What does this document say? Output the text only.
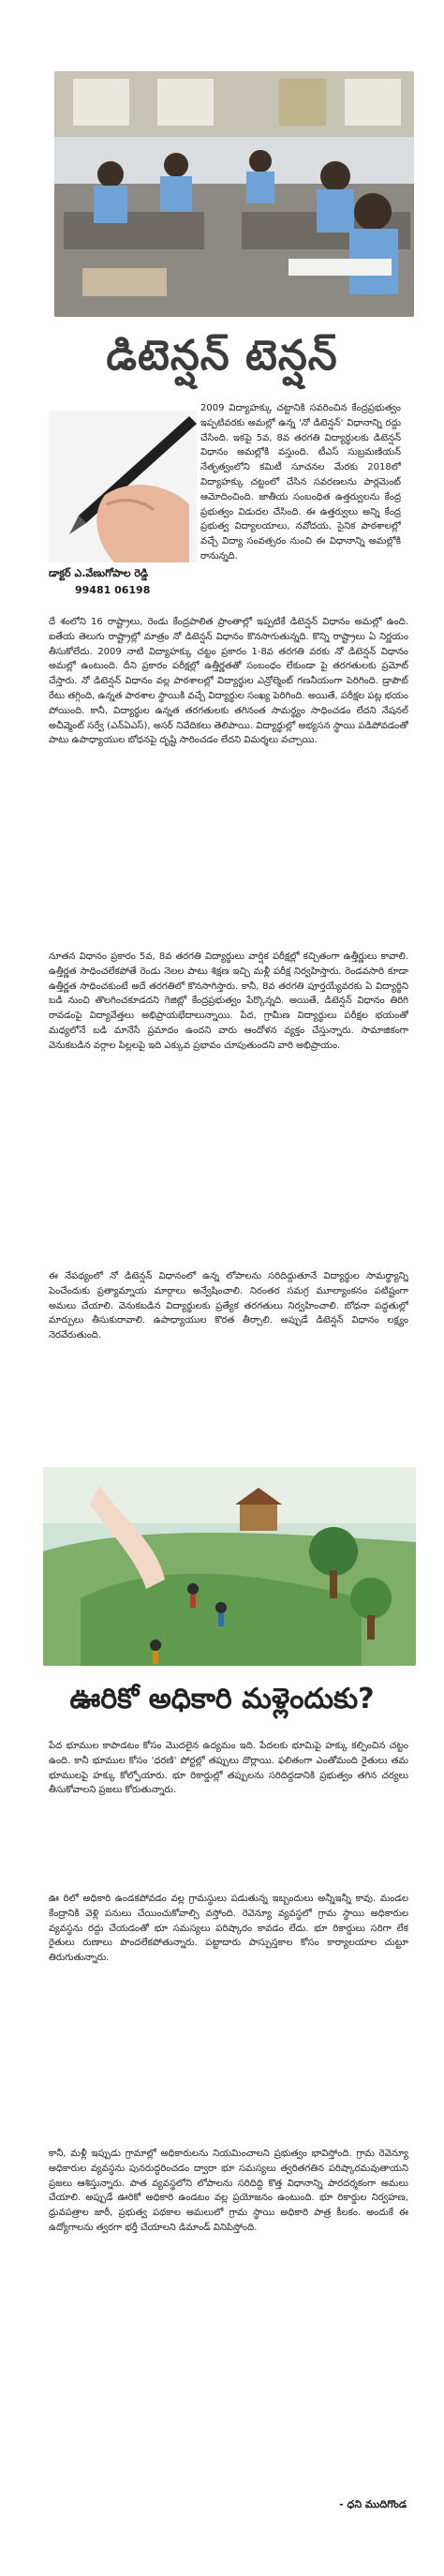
డిటెన్షన్ టెన్షన్
2009 విద్యాహక్కు చట్టానికి సవరించిన కేంద్రప్రభుత్వం ఇప్పటివరకు అమల్లో ఉన్న 'నో డిటెన్షన్' విధానాన్ని రద్దు చేసింది. ఇకపై 5వ, 8వ తరగతి విద్యార్థులకు డిటెన్షన్ విధానం అమల్లోకి వస్తుంది. టీఎస్ సుబ్రమణియన్ నేతృత్వంలోని కమిటీ సూచనల మేరకు 2018లో విద్యాహక్కు చట్టంలో చేసిన సవరణలను పార్లమెంట్ ఆమోదించింది. జాతీయ సంబంధిత ఉత్తర్వులను కేంద్ర ప్రభుత్వం విడుదల చేసింది. ఈ ఉత్తర్వులు అన్ని కేంద్ర ప్రభుత్వ విద్యాలయాలు, నవోదయ, సైనిక పాఠశాలల్లో వచ్చే విద్యా సంవత్సరం నుంచి ఈ విధానాన్ని అమల్లోకి రానున్నది.
డాక్టర్ ఎ.వేణుగోపాల రెడ్డి
99481 06198
దే శంలోని 16 రాష్ట్రాలు, రెండు కేంద్రపాలిత ప్రాంతాల్లో ఇప్పటికే డిటెన్షన్ విధానం అమల్లో ఉంది. ఐతేయ తెలుగు రాష్ట్రాల్లో మాత్రం నో డిటెన్షన్ విధానం కొనసాగుతున్నది. కొన్ని రాష్ట్రాలు ఏ నిర్ణయం తీసుకోలేదు. 2009 నాటి విద్యాహక్కు చట్టం ప్రకారం 1-8వ తరగతి వరకు నో డిటెన్షన్ విధానం అమల్లో ఉంటుంది. దీని ప్రకారం పరీక్షల్లో ఉత్తీర్ణతతో సంబంధం లేకుండా పై తరగతులకు ప్రమోట్ చేస్తారు. నో డిటెన్షన్ విధానం వల్ల పాఠశాలల్లో విద్యార్థుల ఎన్రోల్మెంట్ గణనీయంగా పెరిగింది. డ్రాపౌట్ రేటు తగ్గింది, ఉన్నత పాఠశాల స్థాయికి వచ్చే విద్యార్థుల సంఖ్య పెరిగింది. అయితే, పరీక్షల పట్ల భయం పోయింది. కానీ, విద్యార్థుల ఉన్నత తరగతులకు తగినంత సామర్థ్యం సాధించడం లేదని నేషనల్ అచీవ్మెంట్ సర్వే (ఎన్ఏఎస్), అసర్ నివేదికలు తెలిపాయి. విద్యార్థుల్లో అభ్యసన స్థాయి పడిపోవడంతో పాటు ఉపాధ్యాయుల బోధనపై దృష్టి సారించడం లేదని విమర్శలు వచ్చాయి.
నూతన విధానం ప్రకారం 5వ, 8వ తరగతి విద్యార్థులు వార్షిక పరీక్షల్లో కచ్చితంగా ఉత్తీర్ణులు కావాలి. ఉత్తీర్ణత సాధించలేకపోతే రెండు నెలల పాటు శిక్షణ ఇచ్చి మళ్లీ పరీక్ష నిర్వహిస్తారు. రెండవసారి కూడా ఉత్తీర్ణత సాధించకుంటే అదే తరగతిలో కొనసాగిస్తారు. కానీ, 8వ తరగతి పూర్తయ్యేవరకు ఏ విద్యార్థిని బడి నుంచి తొలగించకూడదని గెజిట్లో కేంద్రప్రభుత్వం పేర్కొన్నది. అయితే, డిటెన్షన్ విధానం తిరిగి రావడంపై విద్యావేత్తలు అభిప్రాయభేదాలున్నాయి. పేద, గ్రామీణ విద్యార్థులు పరీక్షల భయంతో మధ్యలోనే బడి మానేసే ప్రమాదం ఉందని వారు ఆందోళన వ్యక్తం చేస్తున్నారు. సామాజికంగా వెనుకబడిన వర్గాల పిల్లలపై ఇది ఎక్కువ ప్రభావం చూపుతుందని వారి అభిప్రాయం.
ఈ నేపథ్యంలో నో డిటెన్షన్ విధానంలో ఉన్న లోపాలను సరిదిద్దుతూనే విద్యార్థుల సామర్థ్యాన్ని పెంచేందుకు ప్రత్యామ్నాయ మార్గాలు అన్వేషించాలి. నిరంతర సమగ్ర మూల్యాంకనం పటిష్టంగా అమలు చేయాలి. వెనుకబడిన విద్యార్థులకు ప్రత్యేక తరగతులు నిర్వహించాలి. బోధనా పద్ధతుల్లో మార్పులు తీసుకురావాలి. ఉపాధ్యాయుల కొరత తీర్చాలి. అప్పుడే డిటెన్షన్ విధానం లక్ష్యం నెరవేరుతుంది.
ఊరికో అధికారి మళ్లెందుకు?
పేద భూముల కాపాడటం కోసం మొదలైన ఉద్యమం ఇది. పేదలకు భూమిపై హక్కు కల్పించిన చట్టం ఉంది. కానీ భూముల కోసం 'ధరణి' పోర్టల్లో తప్పులు దొర్లాయి. ఫలితంగా ఎంతోమంది రైతులు తమ భూములపై హక్కు కోల్పోయారు. భూ రికార్డుల్లో తప్పులను సరిదిద్దడానికి ప్రభుత్వం తగిన చర్యలు తీసుకోవాలని ప్రజలు కోరుతున్నారు.
ఊ రిలో అధికారి ఉండకపోవడం వల్ల గ్రామస్థులు పడుతున్న ఇబ్బందులు అన్నీఇన్నీ కావు. మండల కేంద్రానికి వెళ్లి పనులు చేయించుకోవాల్సి వస్తోంది. రెవెన్యూ వ్యవస్థలో గ్రామ స్థాయి అధికారుల వ్యవస్థను రద్దు చేయడంతో భూ సమస్యలు పరిష్కారం కావడం లేదు. భూ రికార్డులు సరిగా లేక రైతులు రుణాలు పొందలేకపోతున్నారు. పట్టాదారు పాస్పుస్తకాల కోసం కార్యాలయాల చుట్టూ తిరుగుతున్నారు.
కానీ, మళ్లీ ఇప్పుడు గ్రామాల్లో అధికారులను నియమించాలని ప్రభుత్వం భావిస్తోంది. గ్రామ రెవెన్యూ అధికారుల వ్యవస్థను పునరుద్ధరించడం ద్వారా భూ సమస్యలు త్వరితగతిన పరిష్కారమవుతాయని ప్రజలు ఆశిస్తున్నారు. పాత వ్యవస్థలోని లోపాలను సరిదిద్ది కొత్త విధానాన్ని పారదర్శకంగా అమలు చేయాలి. అప్పుడే ఊరికో అధికారి ఉండటం వల్ల ప్రయోజనం ఉంటుంది. భూ రికార్డుల నిర్వహణ, ధ్రువపత్రాల జారీ, ప్రభుత్వ పథకాల అమలులో గ్రామ స్థాయి అధికారి పాత్ర కీలకం. అందుకే ఈ ఉద్యోగాలను త్వరగా భర్తీ చేయాలని డిమాండ్ వినిపిస్తోంది.
- ధని ముదిగొండ
